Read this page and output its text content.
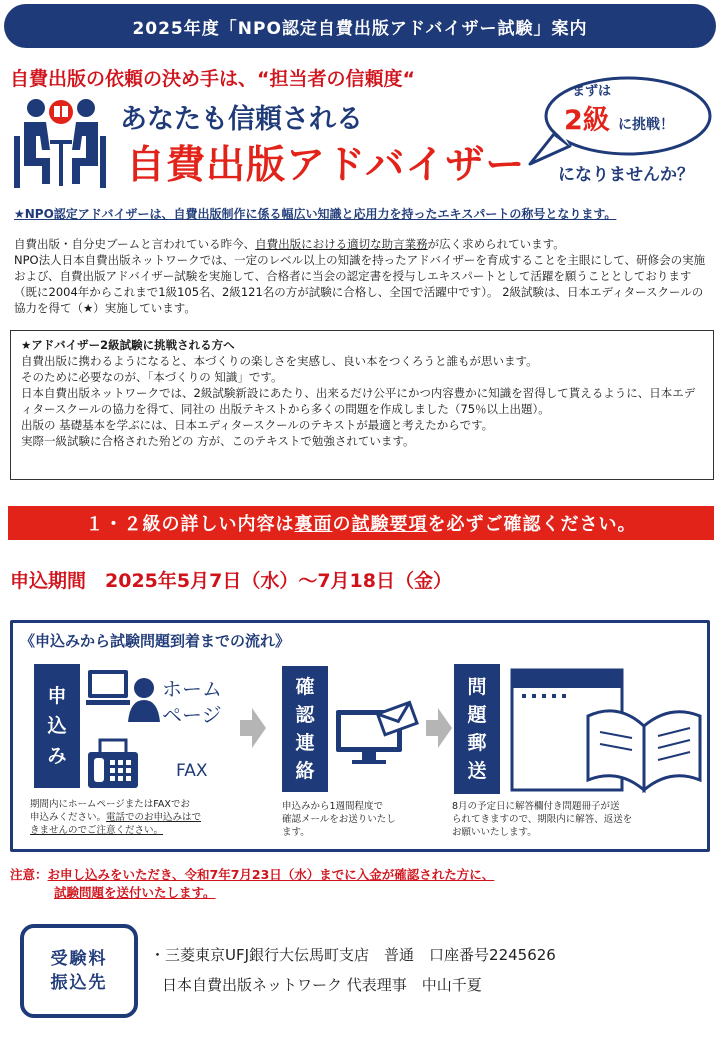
2025年度「NPO認定自費出版アドバイザー試験」案内
自費出版の依頼の決め手は、“担当者の信頼度“
あなたも信頼される
自費出版アドバイザー になりませんか？
まずは
2級 に挑戦！
★NPO認定アドバイザーは、自費出版制作に係る幅広い知識と応用力を持ったエキスパートの称号となります。
自費出版・自分史ブームと言われている昨今、自費出版における適切な助言業務が広く求められています。
NPO法人日本自費出版ネットワークでは、一定のレベル以上の知識を持ったアドバイザーを育成することを主眼にして、研修会の実施および、自費出版アドバイザー試験を実施して、合格者に当会の認定書を授与しエキスパートとして活躍を願うこととしております（既に2004年からこれまで1級105名、2級121名の方が試験に合格し、全国で活躍中です）。 2級試験は、日本エディタースクールの 協力を得て（★）実施しています。
★アドバイザー2級試験に挑戦される方へ
自費出版に携わるようになると、本づくりの楽しさを実感し、良い本をつくろうと誰もが思います。
そのために必要なのが、「本づくりの 知識」です。
日本自費出版ネットワークでは、2級試験新設にあたり、出来るだけ公平にかつ内容豊かに知識を習得して貰えるように、日本エディタースクールの協力を得て、同社の 出版テキストから多くの問題を作成しました（75％以上出題）。
出版の 基礎基本を学ぶには、日本エディタースクールのテキストが最適と考えたからです。
実際一級試験に合格された殆どの 方が、このテキストで勉強されています。
１・２級の詳しい内容は 裏面 の 試験要項 を必ずご確認ください。
申込期間　2025年5月7日（水）～7月18日（金）
《申込みから試験問題到着までの流れ》
申
込
み
ホーム
ページ
FAX
期間内にホームページまたはFAXでお
申込みください。電話でのお申込みはで
きませんのでご注意ください。
確
認
連
絡
申込みから1週間程度で
確認メールをお送りいたし
ます。
問
題
郵
送
8月の予定日に解答欄付き問題冊子が送
られてきますので、期限内に解答、返送を
お願いいたします。
注意：お申し込みをいただき、令和7年7月23日（水）までに入金が確認された方に、
試験問題を送付いたします。
受験料
振込先
・三菱東京UFJ銀行大伝馬町支店　普通　口座番号2245626
日本自費出版ネットワーク 代表理事　中山千夏
